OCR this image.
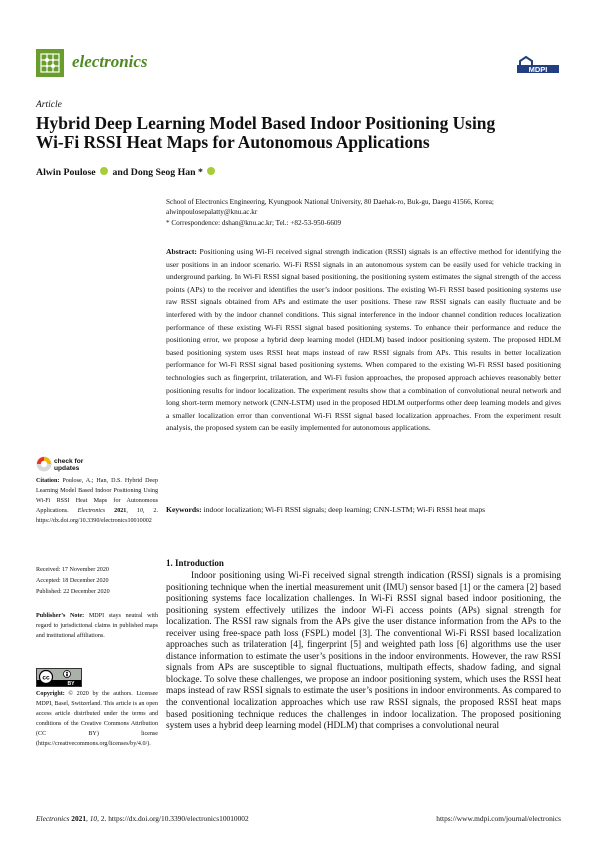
electronics	MDPI
Article
Hybrid Deep Learning Model Based Indoor Positioning Using
Wi-Fi RSSI Heat Maps for Autonomous Applications
Alwin Poulose and Dong Seog Han *
School of Electronics Engineering, Kyungpook National University, 80 Daehak-ro, Buk-gu, Daegu 41566, Korea;
alwinpoulosepalatty@knu.ac.kr
* Correspondence: dshan@knu.ac.kr; Tel.: +82-53-950-6609
Abstract: Positioning using Wi-Fi received signal strength indication (RSSI) signals is an effective method for identifying the user positions in an indoor scenario. Wi-Fi RSSI signals in an autonomous system can be easily used for vehicle tracking in underground parking. In Wi-Fi RSSI signal based positioning, the positioning system estimates the signal strength of the access points (APs) to the receiver and identifies the user’s indoor positions. The existing Wi-Fi RSSI based positioning systems use raw RSSI signals obtained from APs and estimate the user positions. These raw RSSI signals can easily fluctuate and be interfered with by the indoor channel conditions. This signal interference in the indoor channel condition reduces localization performance of these existing Wi-Fi RSSI signal based positioning systems. To enhance their performance and reduce the positioning error, we propose a hybrid deep learning model (HDLM) based indoor positioning system. The proposed HDLM based positioning system uses RSSI heat maps instead of raw RSSI signals from APs. This results in better localization performance for Wi-Fi RSSI signal based positioning systems. When compared to the existing Wi-Fi RSSI based positioning technologies such as fingerprint, trilateration, and Wi-Fi fusion approaches, the proposed approach achieves reasonably better positioning results for indoor localization. The experiment results show that a combination of convolutional neural network and long short-term memory network (CNN-LSTM) used in the proposed HDLM outperforms other deep learning models and gives a smaller localization error than conventional Wi-Fi RSSI signal based localization approaches. From the experiment result analysis, the proposed system can be easily implemented for autonomous applications.
Keywords: indoor localization; Wi-Fi RSSI signals; deep learning; CNN-LSTM; Wi-Fi RSSI heat maps
check for
updates
Citation: Poulose, A.; Han, D.S. Hybrid Deep Learning Model Based Indoor Positioning Using Wi-Fi RSSI Heat Maps for Autonomous Applications. Electronics 2021, 10, 2. https://dx.doi.org/10.3390/electronics10010002
Received: 17 November 2020
Accepted: 18 December 2020
Published: 22 December 2020
Publisher’s Note: MDPI stays neutral with regard to jurisdictional claims in published maps and institutional affiliations.
cc
BY
Copyright: © 2020 by the authors. Licensee MDPI, Basel, Switzerland. This article is an open access article distributed under the terms and conditions of the Creative Commons Attribution (CC BY) license (https://creativecommons.org/licenses/by/4.0/).
1. Introduction
Indoor positioning using Wi-Fi received signal strength indication (RSSI) signals is a promising positioning technique when the inertial measurement unit (IMU) sensor based [1] or the camera [2] based positioning systems face localization challenges. In Wi-Fi RSSI signal based indoor positioning, the positioning system effectively utilizes the indoor Wi-Fi access points (APs) signal strength for localization. The RSSI raw signals from the APs give the user distance information from the APs to the receiver using free-space path loss (FSPL) model [3]. The conventional Wi-Fi RSSI based localization approaches such as trilateration [4], fingerprint [5] and weighted path loss [6] algorithms use the user distance information to estimate the user’s positions in the indoor environments. However, the raw RSSI signals from APs are susceptible to signal fluctuations, multipath effects, shadow fading, and signal blockage. To solve these challenges, we propose an indoor positioning system, which uses the RSSI heat maps instead of raw RSSI signals to estimate the user’s positions in indoor environments. As compared to the conventional localization approaches which use raw RSSI signals, the proposed RSSI heat maps based positioning technique reduces the challenges in indoor localization. The proposed positioning system uses a hybrid deep learning model (HDLM) that comprises a convolutional neural
Electronics 2021, 10, 2. https://dx.doi.org/10.3390/electronics10010002	https://www.mdpi.com/journal/electronics
